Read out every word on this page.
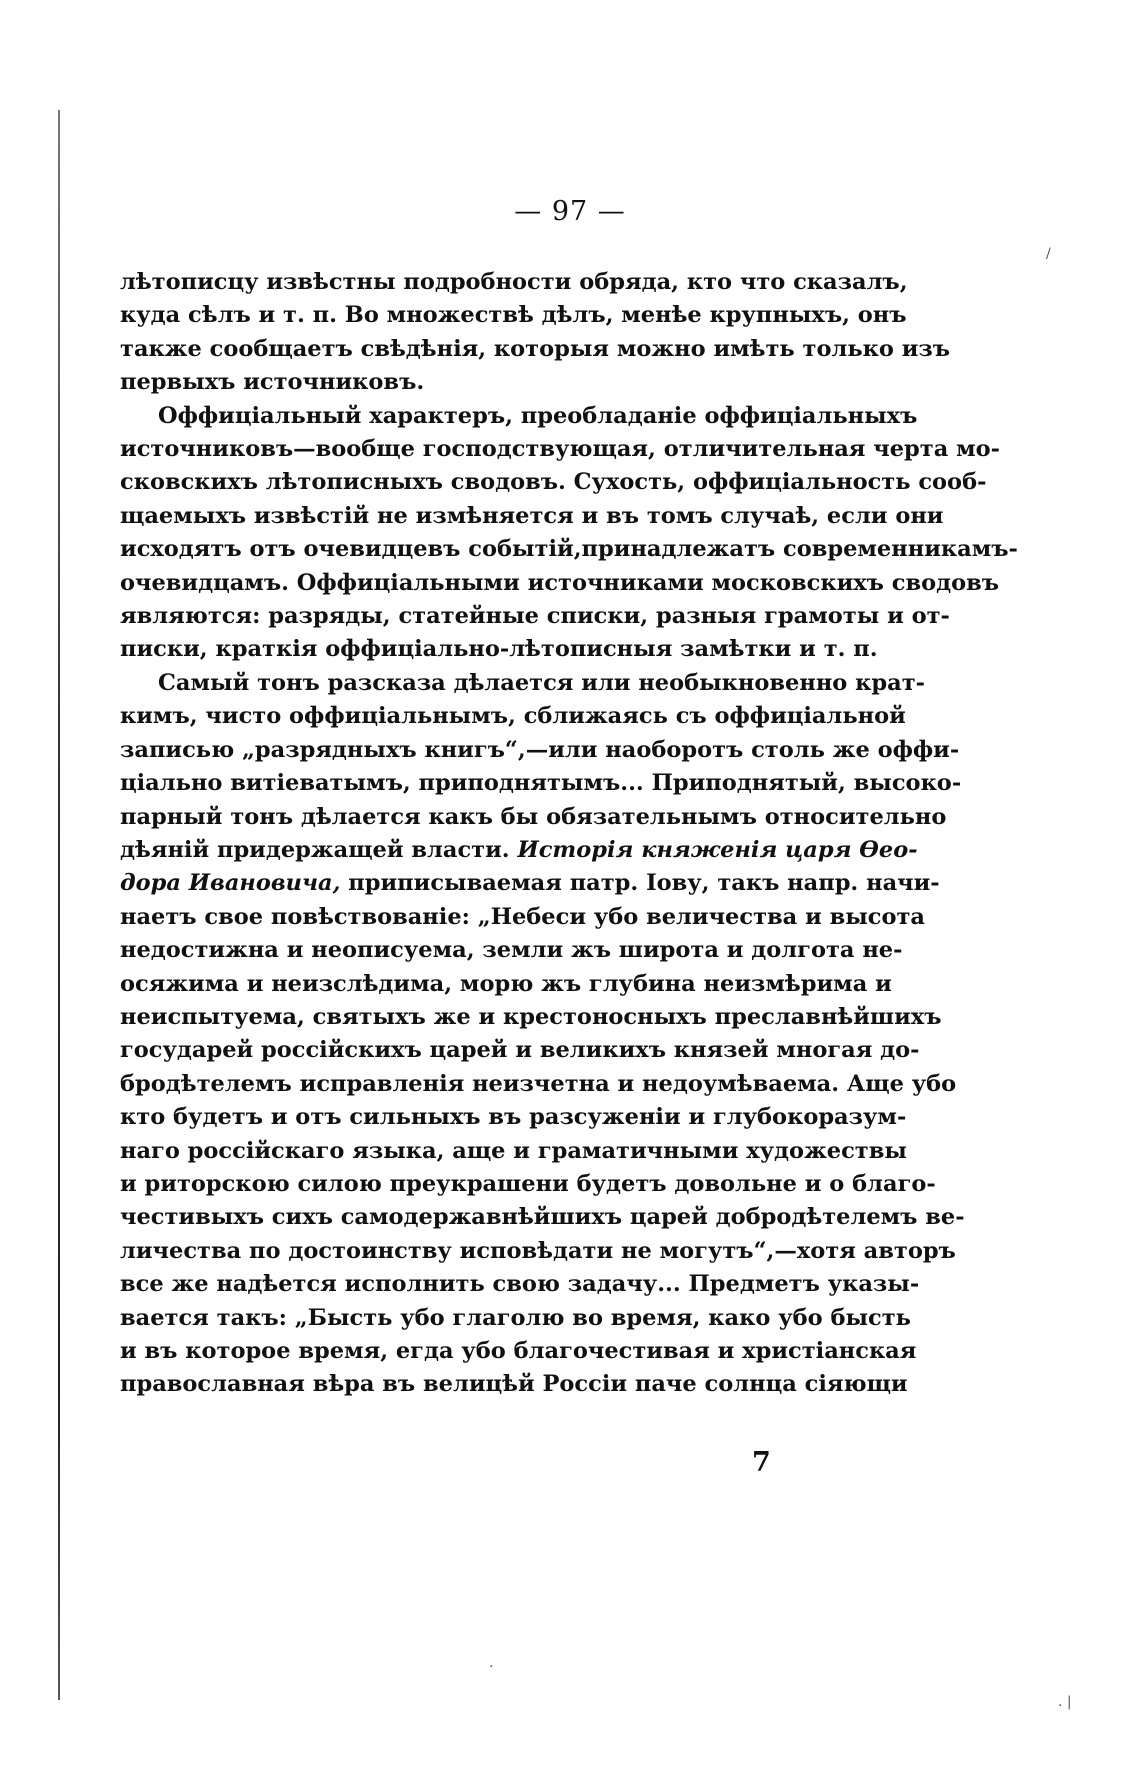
— 97 —
лѣтописцу извѣстны подробности обряда, кто что сказалъ,
куда сѣлъ и т. п. Во множествѣ дѣлъ, менѣе крупныхъ, онъ
также сообщаетъ свѣдѣнія, которыя можно имѣть только изъ
первыхъ источниковъ.
Оффиціальный характеръ, преобладаніе оффиціальныхъ
источниковъ—вообще господствующая, отличительная черта мо-
сковскихъ лѣтописныхъ сводовъ. Сухость, оффиціальность сооб-
щаемыхъ извѣстій не измѣняется и въ томъ случаѣ, если они
исходятъ отъ очевидцевъ событій,принадлежатъ современникамъ-
очевидцамъ. Оффиціальными источниками московскихъ сводовъ
являются: разряды, статейные списки, разныя грамоты и от-
писки, краткія оффиціально-лѣтописныя замѣтки и т. п.
Самый тонъ разсказа дѣлается или необыкновенно крат-
кимъ, чисто оффиціальнымъ, сближаясь съ оффиціальной
записью „разрядныхъ книгъ“,—или наоборотъ столь же оффи-
ціально витіеватымъ, приподнятымъ... Приподнятый, высоко-
парный тонъ дѣлается какъ бы обязательнымъ относительно
дѣяній придержащей власти. Исторія княженія царя Ѳео-
дора Ивановича, приписываемая патр. Іову, такъ напр. начи-
наетъ свое повѣствованіе: „Небеси убо величества и высота
недостижна и неописуема, земли жъ широта и долгота не-
осяжима и неизслѣдима, морю жъ глубина неизмѣрима и
неиспытуема, святыхъ же и крестоносныхъ преславнѣйшихъ
государей россійскихъ царей и великихъ князей многая до-
бродѣтелемъ исправленія неизчетна и недоумѣваема. Аще убо
кто будетъ и отъ сильныхъ въ разсуженіи и глубокоразум-
наго россійскаго языка, аще и граматичными художествы
и риторскою силою преукрашени будетъ довольне и о благо-
честивыхъ сихъ самодержавнѣйшихъ царей добродѣтелемъ ве-
личества по достоинству исповѣдати не могутъ“,—хотя авторъ
все же надѣется исполнить свою задачу... Предметъ указы-
вается такъ: „Бысть убо глаголю во время, како убо бысть
и въ которое время, егда убо благочестивая и христіанская
православная вѣра въ велицѣй Россіи паче солнца сіяющи
7
/
.
. |
